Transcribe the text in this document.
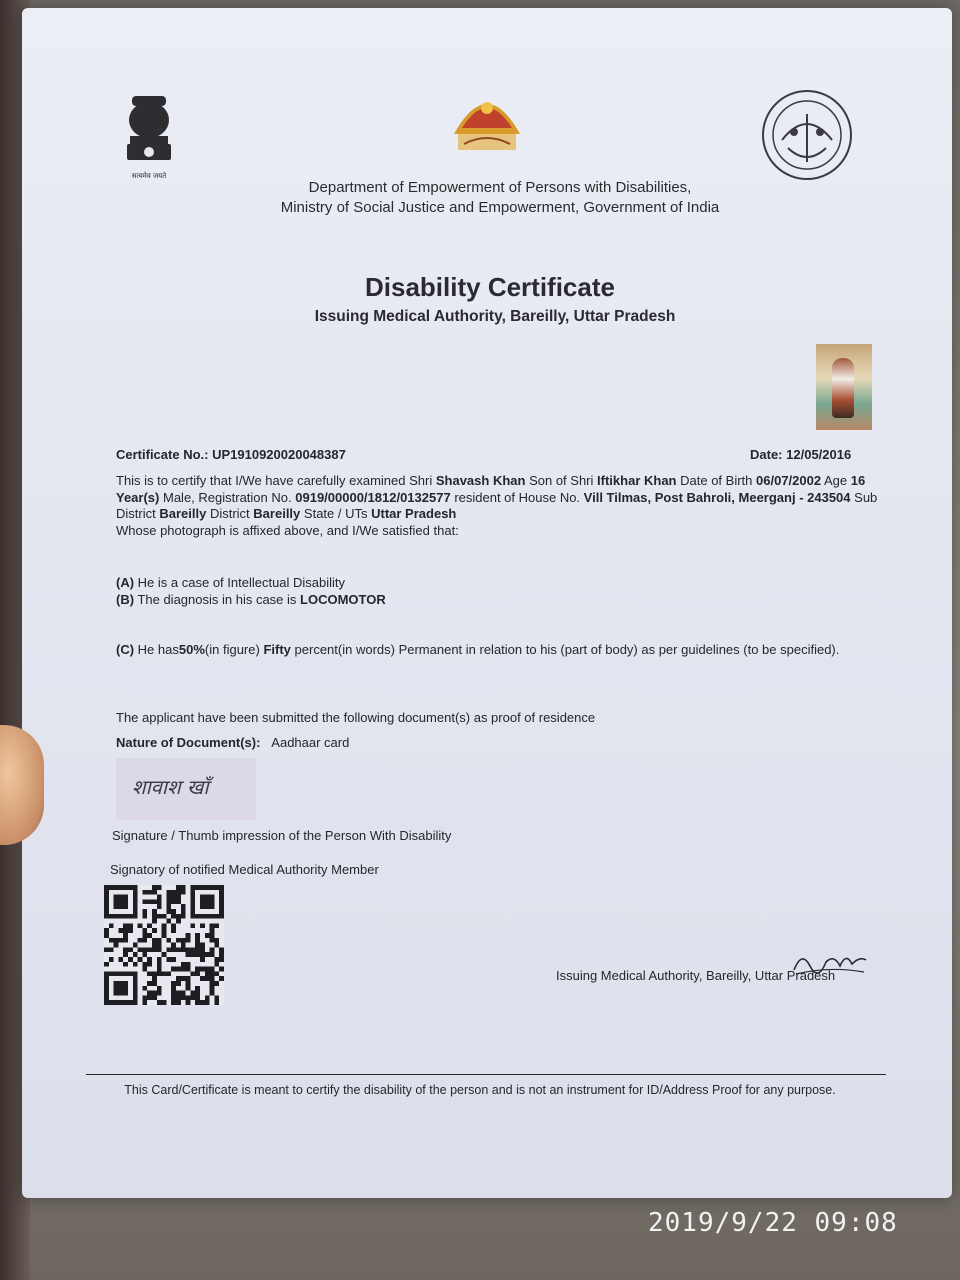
सत्यमेव जयते
Department of Empowerment of Persons with Disabilities,
Ministry of Social Justice and Empowerment, Government of India
Disability Certificate
Issuing Medical Authority, Bareilly, Uttar Pradesh
Certificate No.: UP1910920020048387	Date: 12/05/2016
This is to certify that I/We have carefully examined Shri Shavash Khan Son of Shri Iftikhar Khan Date of Birth 06/07/2002 Age 16 Year(s) Male, Registration No. 0919/00000/1812/0132577 resident of House No. Vill Tilmas, Post Bahroli, Meerganj - 243504 Sub District Bareilly District Bareilly State / UTs Uttar Pradesh
Whose photograph is affixed above, and I/We satisfied that:
(A) He is a case of Intellectual Disability
(B) The diagnosis in his case is LOCOMOTOR
(C) He has50%(in figure) Fifty percent(in words) Permanent in relation to his (part of body) as per guidelines (to be specified).
The applicant have been submitted the following document(s) as proof of residence
Nature of Document(s): Aadhaar card
शावाश खाँ
Signature / Thumb impression of the Person With Disability
Signatory of notified Medical Authority Member
Issuing Medical Authority, Bareilly, Uttar Pradesh
This Card/Certificate is meant to certify the disability of the person and is not an instrument for ID/Address Proof for any purpose.
2019/9/22 09:08
